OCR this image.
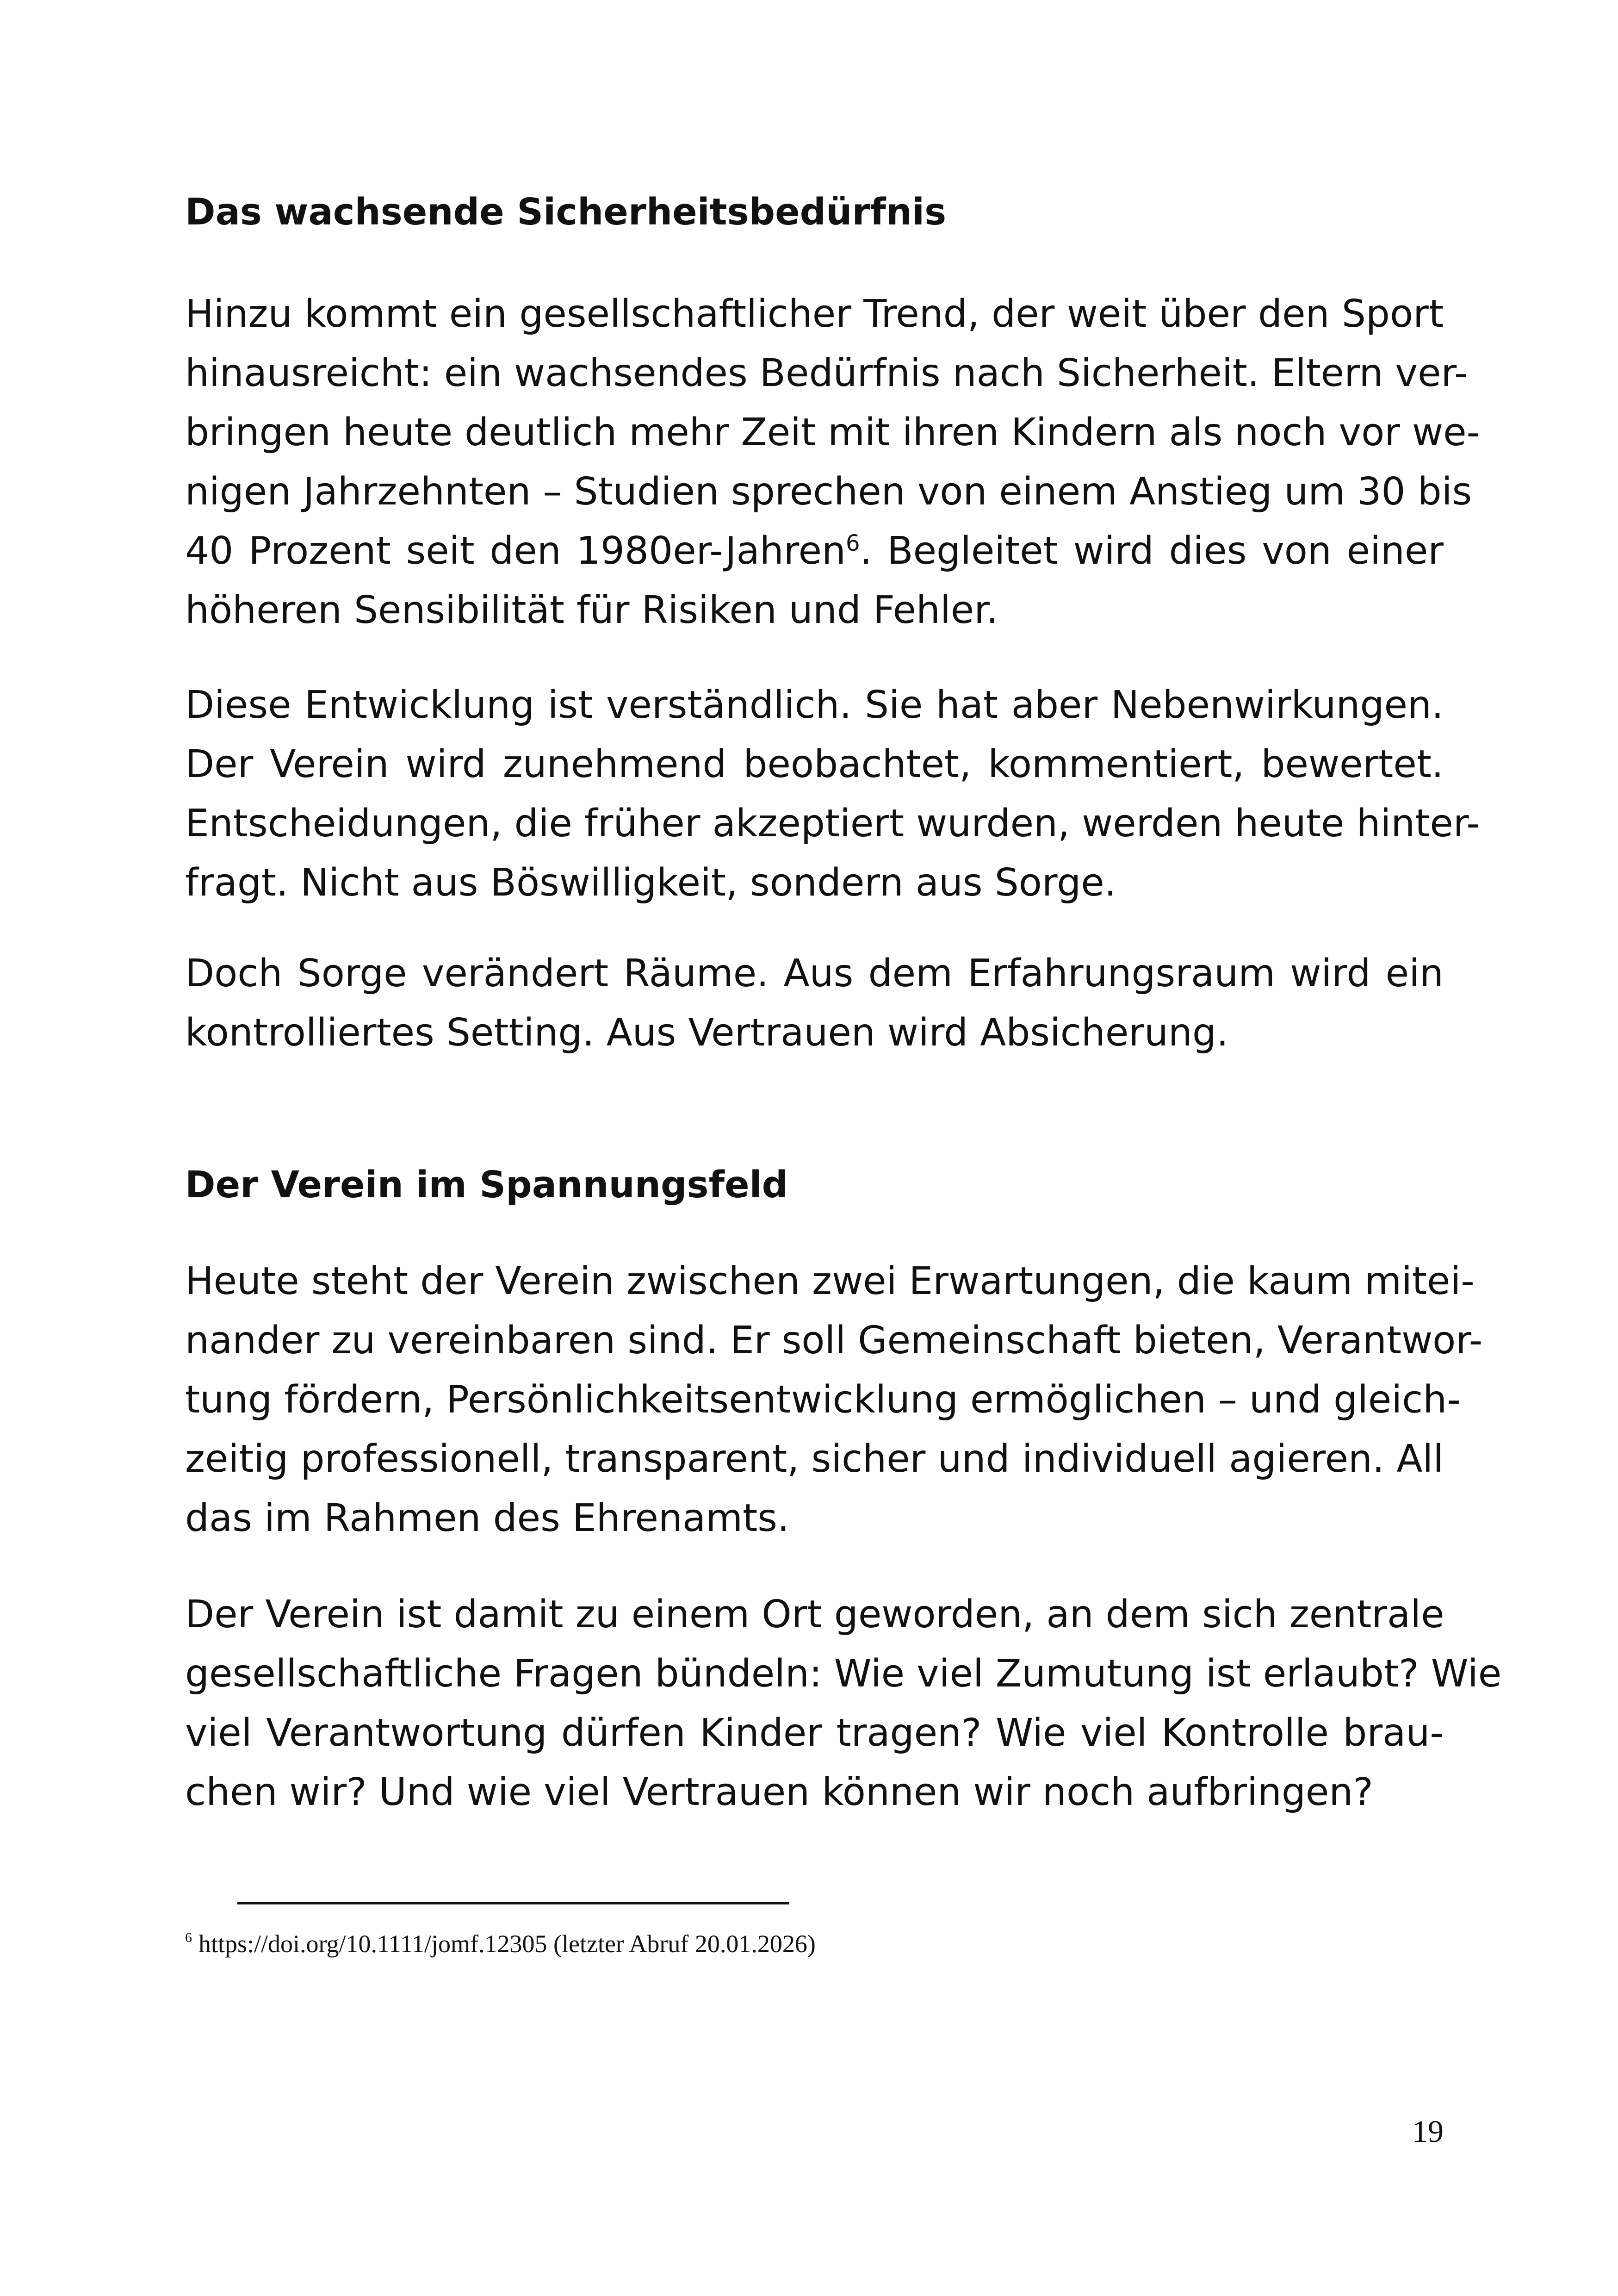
Das wachsende Sicherheitsbedürfnis

Hinzu kommt ein gesellschaftlicher Trend, der weit über den Sport
hinausreicht: ein wachsendes Bedürfnis nach Sicherheit. Eltern ver-
bringen heute deutlich mehr Zeit mit ihren Kindern als noch vor we-
nigen Jahrzehnten – Studien sprechen von einem Anstieg um 30 bis
40 Prozent seit den 1980er-Jahren$^6$. Begleitet wird dies von einer
höheren Sensibilität für Risiken und Fehler.

Diese Entwicklung ist verständlich. Sie hat aber Nebenwirkungen.
Der Verein wird zunehmend beobachtet, kommentiert, bewertet.
Entscheidungen, die früher akzeptiert wurden, werden heute hinter-
fragt. Nicht aus Böswilligkeit, sondern aus Sorge.

Doch Sorge verändert Räume. Aus dem Erfahrungsraum wird ein
kontrolliertes Setting. Aus Vertrauen wird Absicherung.

Der Verein im Spannungsfeld

Heute steht der Verein zwischen zwei Erwartungen, die kaum mitei-
nander zu vereinbaren sind. Er soll Gemeinschaft bieten, Verantwor-
tung fördern, Persönlichkeitsentwicklung ermöglichen – und gleich-
zeitig professionell, transparent, sicher und individuell agieren. All
das im Rahmen des Ehrenamts.

Der Verein ist damit zu einem Ort geworden, an dem sich zentrale
gesellschaftliche Fragen bündeln: Wie viel Zumutung ist erlaubt? Wie
viel Verantwortung dürfen Kinder tragen? Wie viel Kontrolle brau-
chen wir? Und wie viel Vertrauen können wir noch aufbringen?

$^6$ https://doi.org/10.1111/jomf.12305 (letzter Abruf 20.01.2026)

19
